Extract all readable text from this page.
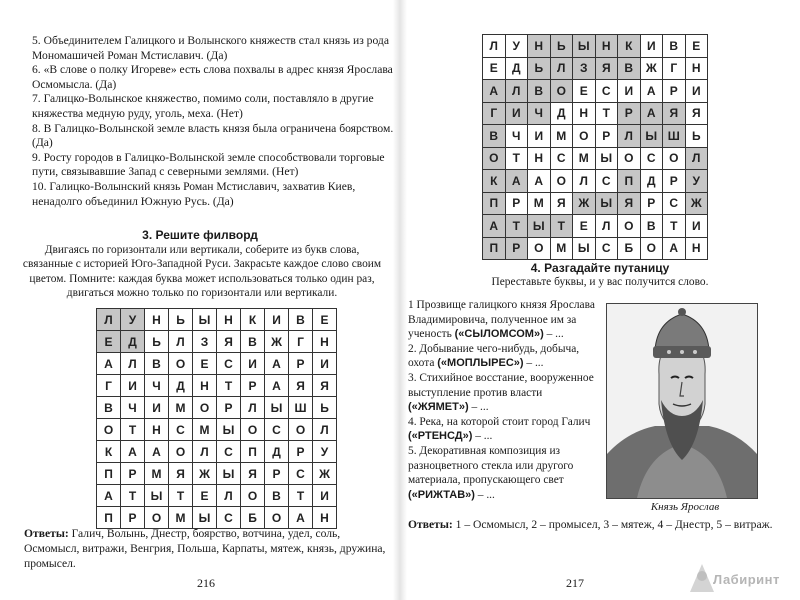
5. Объединителем Галицкого и Волынского княжеств стал князь из рода Мономашичей Роман Мстиславич. (Да)
6. «В слове о полку Игореве» есть слова похвалы в адрес князя Ярослава Осмомысла. (Да)
7. Галицко-Волынское княжество, помимо соли, поставляло в другие княжества медную руду, уголь, меха. (Нет)
8. В Галицко-Волынской земле власть князя была ограничена боярством. (Да)
9. Росту городов в Галицко-Волынской земле способствовали торговые пути, связывавшие Запад с северными землями. (Нет)
10. Галицко-Волынский князь Роман Мстиславич, захватив Киев, ненадолго объединил Южную Русь. (Да)
3. Решите филворд
Двигаясь по горизонтали или вертикали, соберите из букв слова, связанные с историей Юго-Западной Руси. Закрасьте каждое слово своим цветом. Помните: каждая буква может использоваться только один раз, двигаться можно только по горизонтали или вертикали.
Л	У	Н	Ь	Ы	Н	К	И	В	Е
Е	Д	Ь	Л	З	Я	В	Ж	Г	Н
А	Л	В	О	Е	С	И	А	Р	И
Г	И	Ч	Д	Н	Т	Р	А	Я	Я
В	Ч	И	М	О	Р	Л	Ы	Ш	Ь
О	Т	Н	С	М	Ы	О	С	О	Л
К	А	А	О	Л	С	П	Д	Р	У
П	Р	М	Я	Ж	Ы	Я	Р	С	Ж
А	Т	Ы	Т	Е	Л	О	В	Т	И
П	Р	О	М	Ы	С	Б	О	А	Н
Ответы: Галич, Волынь, Днестр, боярство, вотчина, удел, соль, Осмомысл, витражи, Венгрия, Польша, Карпаты, мятеж, князь, дружина, промысел.
216
Л	У	Н	Ь	Ы	Н	К	И	В	Е
Е	Д	Ь	Л	З	Я	В	Ж	Г	Н
А	Л	В	О	Е	С	И	А	Р	И
Г	И	Ч	Д	Н	Т	Р	А	Я	Я
В	Ч	И	М	О	Р	Л	Ы	Ш	Ь
О	Т	Н	С	М	Ы	О	С	О	Л
К	А	А	О	Л	С	П	Д	Р	У
П	Р	М	Я	Ж	Ы	Я	Р	С	Ж
А	Т	Ы	Т	Е	Л	О	В	Т	И
П	Р	О	М	Ы	С	Б	О	А	Н
4. Разгадайте путаницу
Переставьте буквы, и у вас получится слово.
Князь Ярослав
Ответы: 1 – Осмомысл, 2 – промысел, 3 – мятеж, 4 – Днестр, 5 – витраж.
217
1 Прозвище галицкого князя Ярослава Владимировича, полученное им за ученость («СЫЛОМСОМ») – ...
2. Добывание чего-нибудь, добыча, охота («МОПЛЫРЕС») – ...
3. Стихийное восстание, вооруженное выступление против власти («ЖЯМЕТ») – ...
4. Река, на которой стоит город Галич («РТЕНСД») – ...
5. Декоративная композиция из разноцветного стекла или другого материала, пропускающего свет («РИЖТАВ») – ...
Лабиринт
